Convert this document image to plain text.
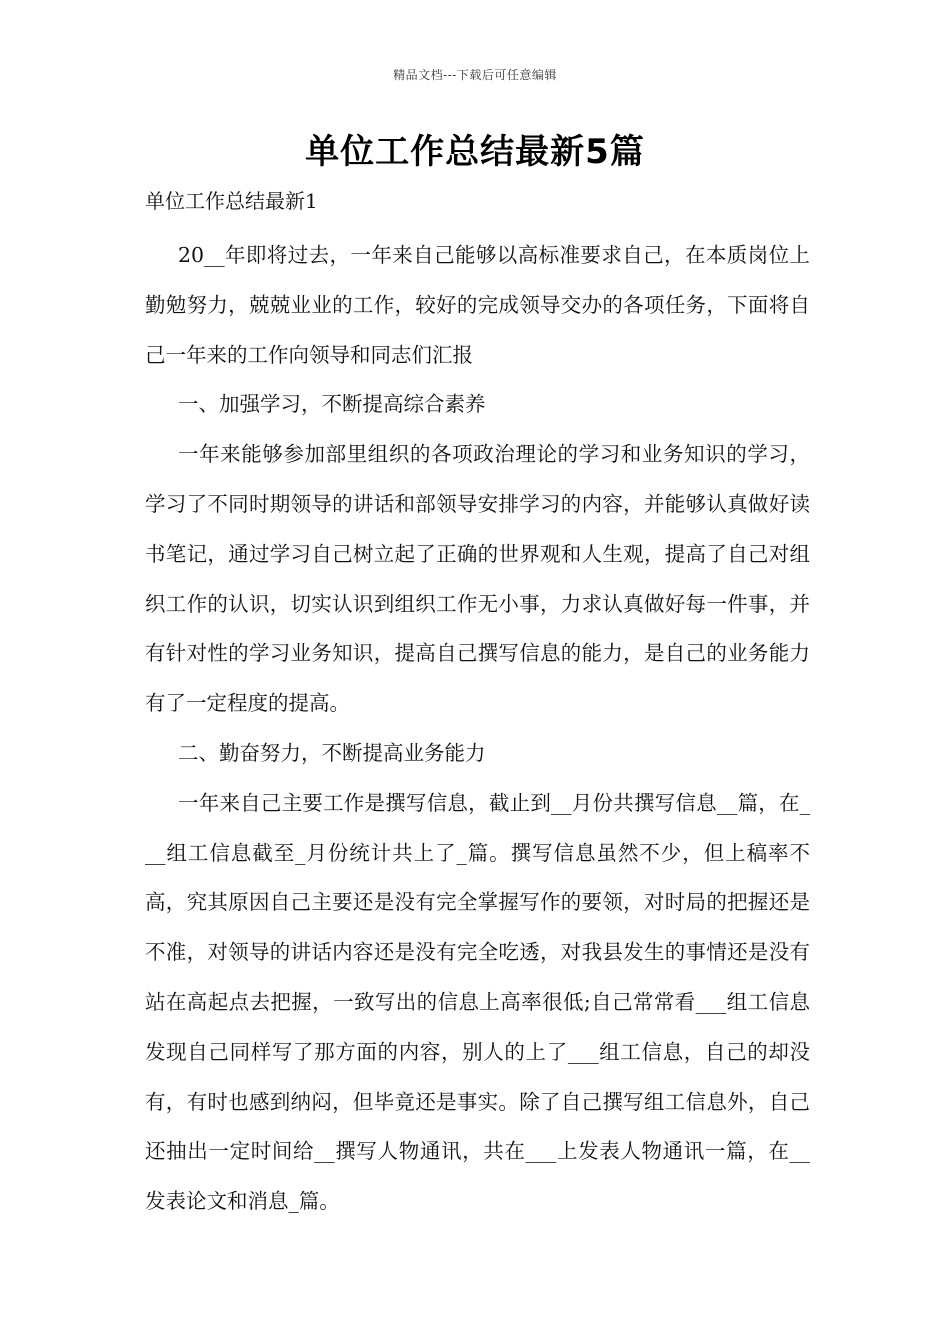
精品文档---下载后可任意编辑
单位工作总结最新5篇

单位工作总结最新1

20__年即将过去，一年来自己能够以高标准要求自己，在本质岗位上勤勉努力，兢兢业业的工作，较好的完成领导交办的各项任务，下面将自己一年来的工作向领导和同志们汇报

一、加强学习，不断提高综合素养

一年来能够参加部里组织的各项政治理论的学习和业务知识的学习，学习了不同时期领导的讲话和部领导安排学习的内容，并能够认真做好读书笔记，通过学习自己树立起了正确的世界观和人生观，提高了自己对组织工作的认识，切实认识到组织工作无小事，力求认真做好每一件事，并有针对性的学习业务知识，提高自己撰写信息的能力，是自己的业务能力有了一定程度的提高。

二、勤奋努力，不断提高业务能力

一年来自己主要工作是撰写信息，截止到__月份共撰写信息__篇，在___组工信息截至_月份统计共上了_篇。撰写信息虽然不少，但上稿率不高，究其原因自己主要还是没有完全掌握写作的要领，对时局的把握还是不准，对领导的讲话内容还是没有完全吃透，对我县发生的事情还是没有站在高起点去把握，一致写出的信息上高率很低;自己常常看___组工信息发现自己同样写了那方面的内容，别人的上了___组工信息，自己的却没有，有时也感到纳闷，但毕竟还是事实。除了自己撰写组工信息外，自己还抽出一定时间给__撰写人物通讯，共在___上发表人物通讯一篇，在__发表论文和消息_篇。
